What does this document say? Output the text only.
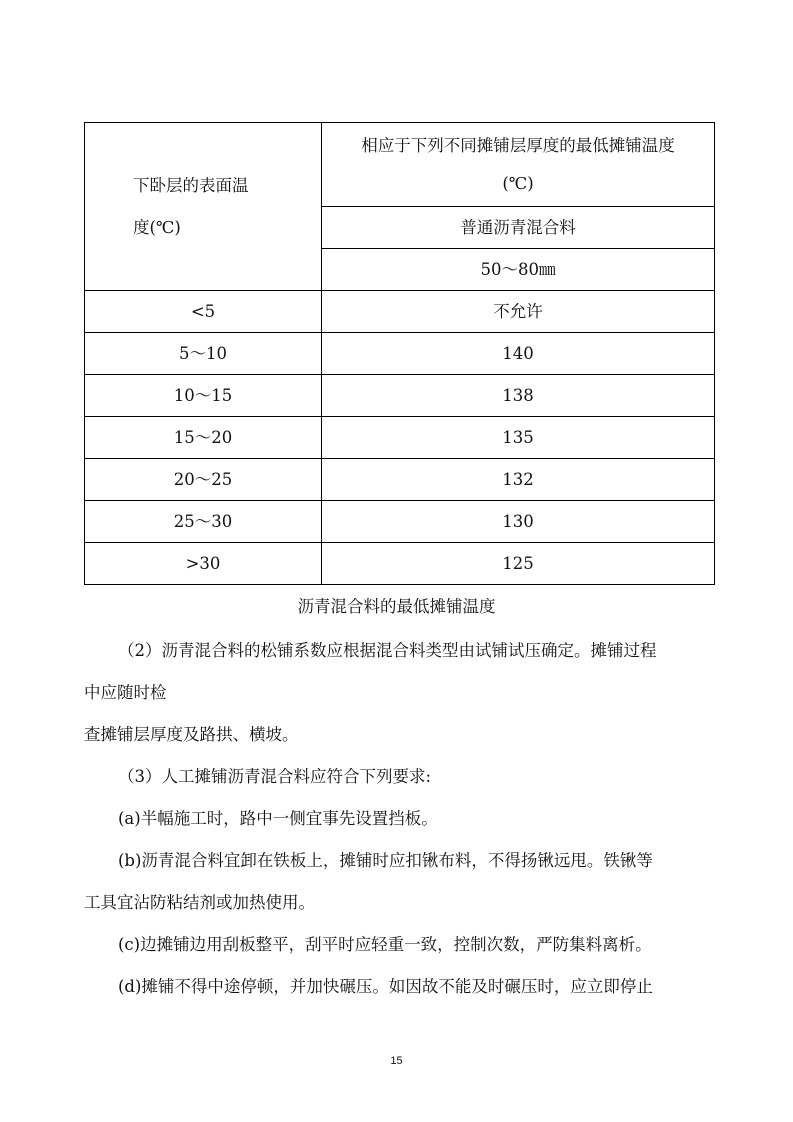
下卧层的表面温
度(℃)	相应于下列不同摊铺层厚度的最低摊铺温度
(℃)
	普通沥青混合料
	50～80㎜
<5	不允许
5～10	140
10～15	138
15～20	135
20～25	132
25～30	130
>30	125
沥青混合料的最低摊铺温度
（2）沥青混合料的松铺系数应根据混合料类型由试铺试压确定。摊铺过程
中应随时检
查摊铺层厚度及路拱、横坡。
（3）人工摊铺沥青混合料应符合下列要求:
(a)半幅施工时，路中一侧宜事先设置挡板。
(b)沥青混合料宜卸在铁板上，摊铺时应扣锹布料，不得扬锹远甩。铁锹等
工具宜沾防粘结剂或加热使用。
(c)边摊铺边用刮板整平，刮平时应轻重一致，控制次数，严防集料离析。
(d)摊铺不得中途停顿，并加快碾压。如因故不能及时碾压时，应立即停止
15
